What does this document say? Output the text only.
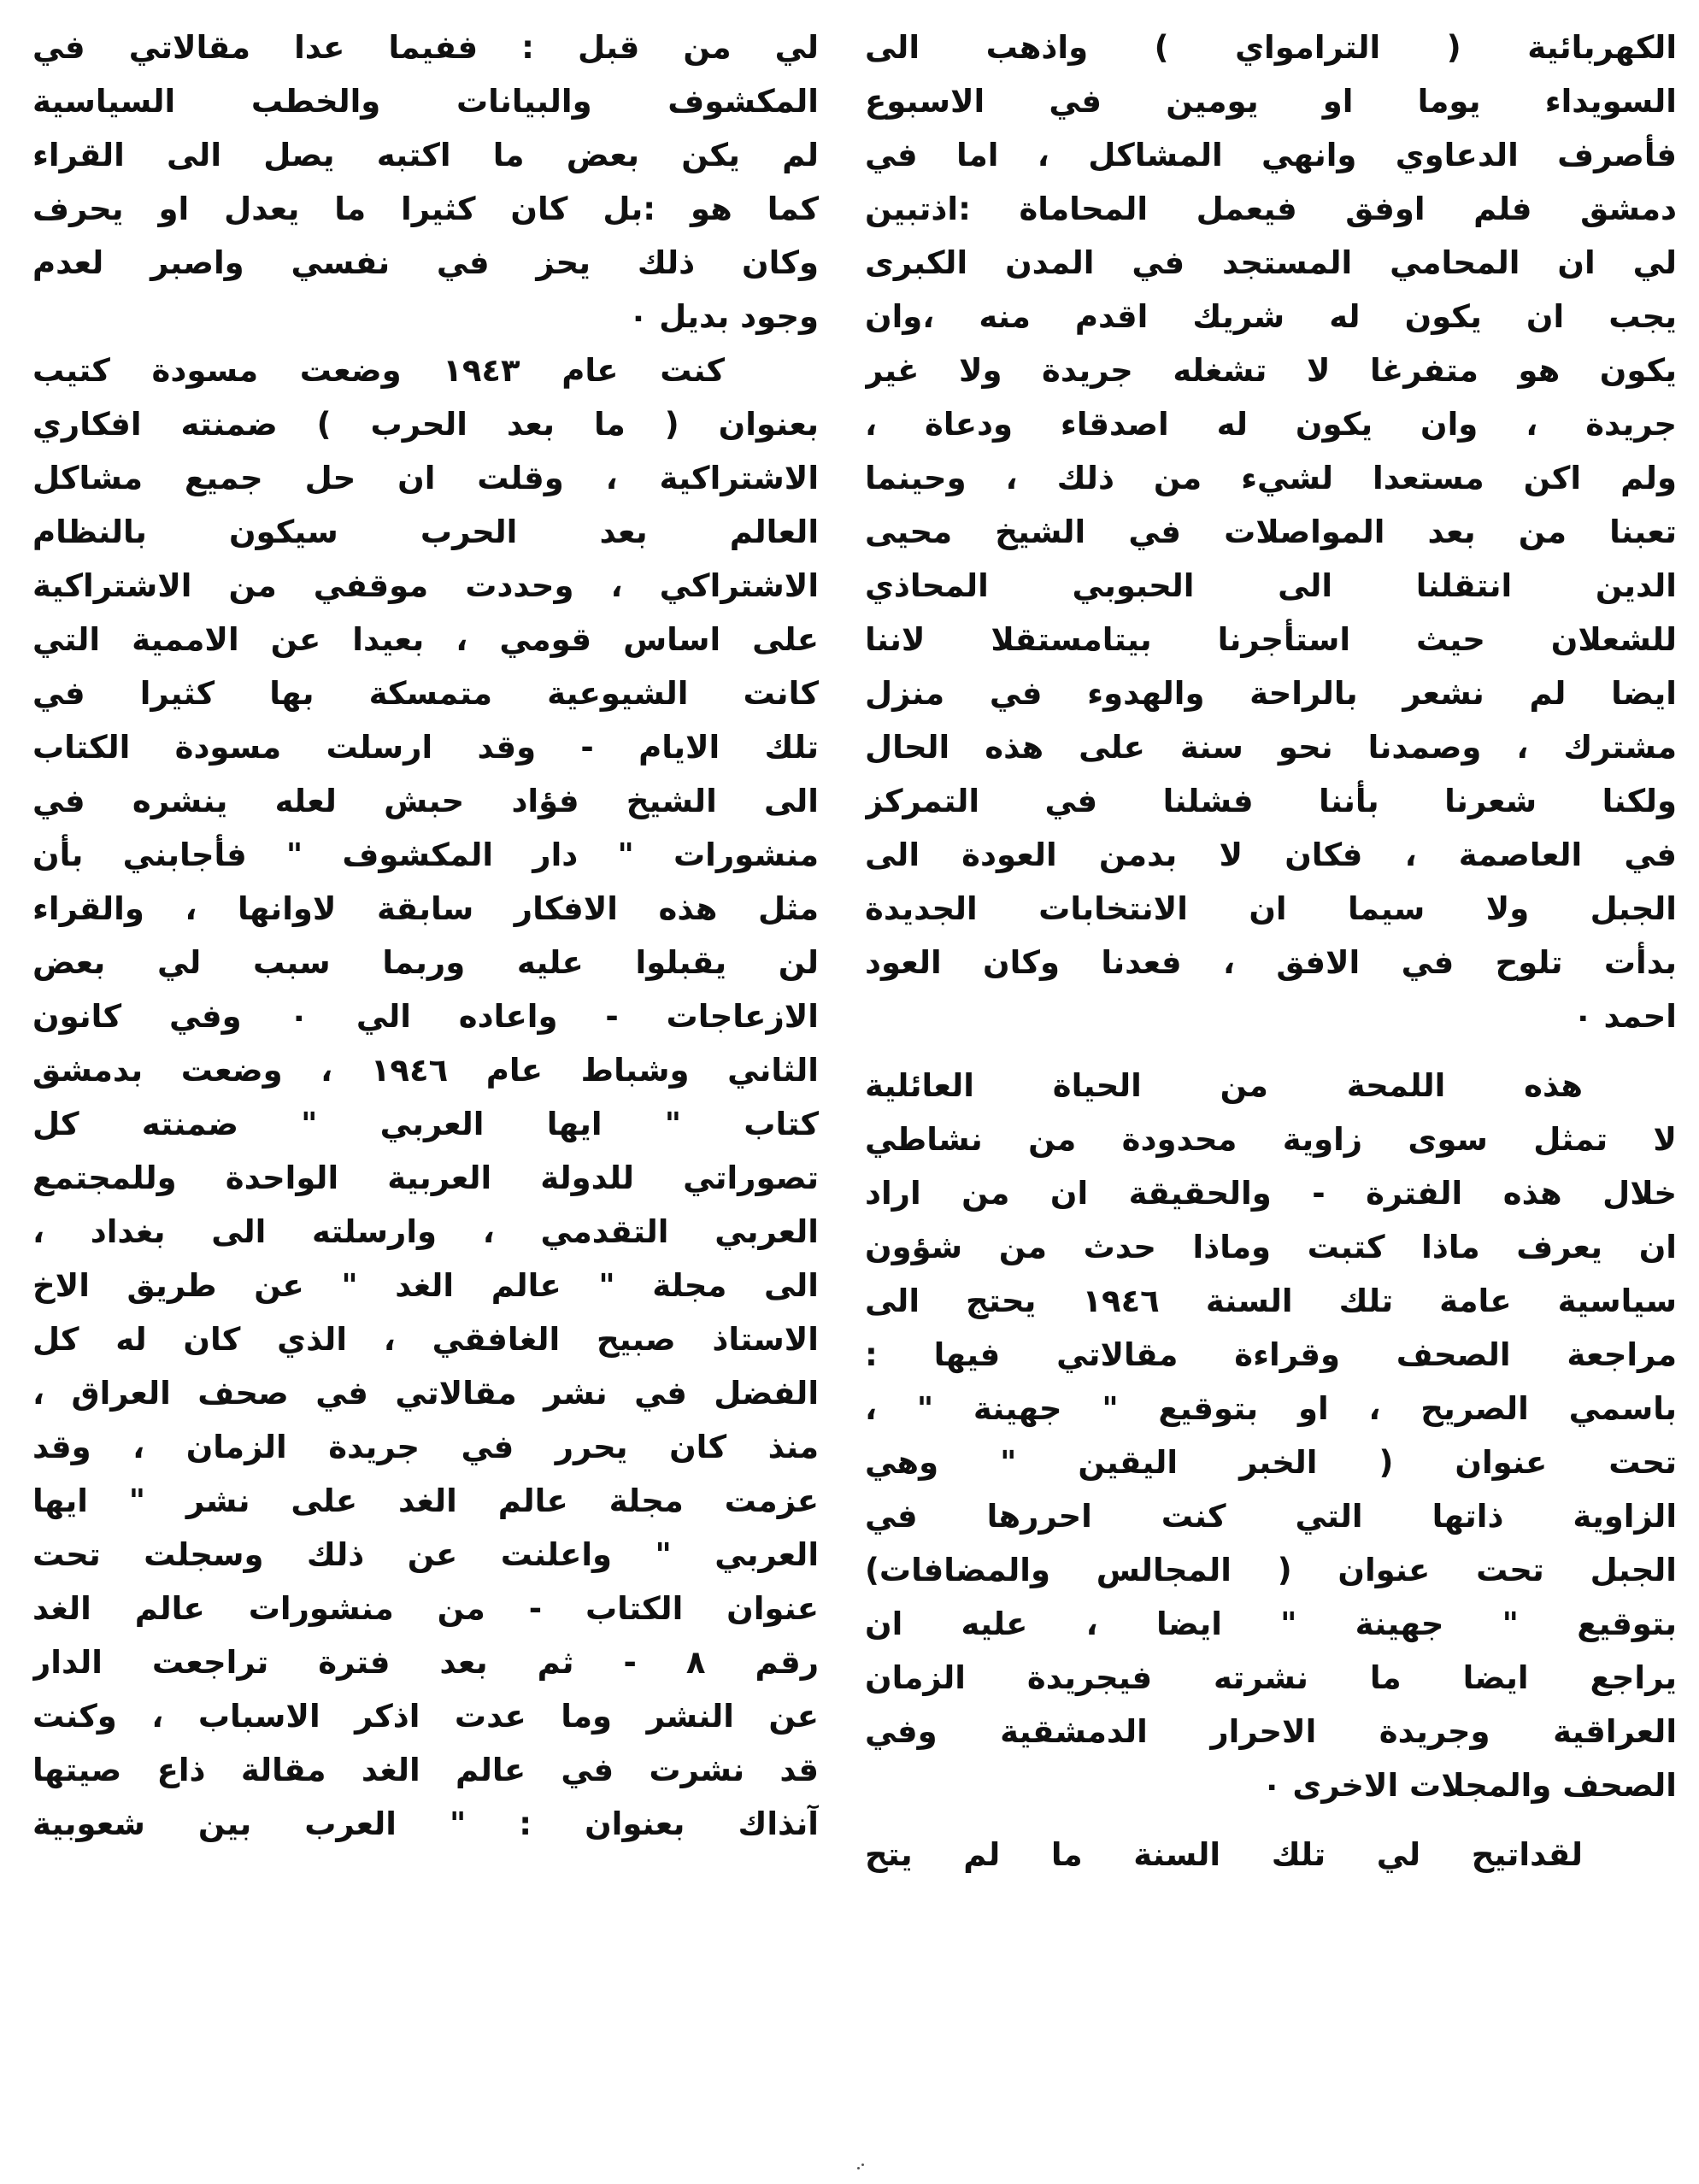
الكهربائية ( الترامواي ) واذهب الى
السويداء يوما او يومين في الاسبوع
فأصرف الدعاوي وانهي المشاكل ، اما في
دمشق فلم اوفق فيعمل المحاماة :اذتبين
لي ان المحامي المستجد في المدن الكبرى
يجب ان يكون له شريك اقدم منه ،وان
يكون هو متفرغا لا تشغله جريدة ولا غير
جريدة ، وان يكون له اصدقاء ودعاة ،
ولم اكن مستعدا لشيء من ذلك ، وحينما
تعبنا من بعد المواصلات في الشيخ محيى
الدين انتقلنا الى الحبوبي المحاذي
للشعلان حيث استأجرنا بيتامستقلا لاننا
ايضا لم نشعر بالراحة والهدوء في منزل
مشترك ، وصمدنا نحو سنة على هذه الحال
ولكنا شعرنا بأننا فشلنا في التمركز
في العاصمة ، فكان لا بدمن العودة الى
الجبل ولا سيما ان الانتخابات الجديدة
بدأت تلوح في الافق ، فعدنا وكان العود
احمد ٠
هذه اللمحة من الحياة العائلية
لا تمثل سوى زاوية محدودة من نشاطي
خلال هذه الفترة - والحقيقة ان من اراد
ان يعرف ماذا كتبت وماذا حدث من شؤون
سياسية عامة تلك السنة ١٩٤٦ يحتج الى
مراجعة الصحف وقراءة مقالاتي فيها :
باسمي الصريح ، او بتوقيع " جهينة " ،
تحت عنوان ( الخبر اليقين " وهي
الزاوية ذاتها التي كنت احررها في
الجبل تحت عنوان ( المجالس والمضافات)
بتوقيع " جهينة " ايضا ، عليه ان
يراجع ايضا ما نشرته فيجريدة الزمان
العراقية وجريدة الاحرار الدمشقية وفي
الصحف والمجلات الاخرى ٠
لقداتيح لي تلك السنة ما لم يتح
لي من قبل : ففيما عدا مقالاتي في
المكشوف والبيانات والخطب السياسية
لم يكن بعض ما اكتبه يصل الى القراء
كما هو :بل كان كثيرا ما يعدل او يحرف
وكان ذلك يحز في نفسي واصبر لعدم
وجود بديل ٠
كنت عام ١٩٤٣ وضعت مسودة كتيب
بعنوان ( ما بعد الحرب ) ضمنته افكاري
الاشتراكية ، وقلت ان حل جميع مشاكل
العالم بعد الحرب سيكون بالنظام
الاشتراكي ، وحددت موقفي من الاشتراكية
على اساس قومي ، بعيدا عن الاممية التي
كانت الشيوعية متمسكة بها كثيرا في
تلك الايام - وقد ارسلت مسودة الكتاب
الى الشيخ فؤاد حبش لعله ينشره في
منشورات " دار المكشوف " فأجابني بأن
مثل هذه الافكار سابقة لاوانها ، والقراء
لن يقبلوا عليه وربما سبب لي بعض
الازعاجات - واعاده الي ٠ وفي كانون
الثاني وشباط عام ١٩٤٦ ، وضعت بدمشق
كتاب " ايها العربي " ضمنته كل
تصوراتي للدولة العربية الواحدة وللمجتمع
العربي التقدمي ، وارسلته الى بغداد ،
الى مجلة " عالم الغد " عن طريق الاخ
الاستاذ صبيح الغافقي ، الذي كان له كل
الفضل في نشر مقالاتي في صحف العراق ،
منذ كان يحرر في جريدة الزمان ، وقد
عزمت مجلة عالم الغد على نشر " ايها
العربي " واعلنت عن ذلك وسجلت تحت
عنوان الكتاب - من منشورات عالم الغد
رقم ٨ - ثم بعد فترة تراجعت الدار
عن النشر وما عدت اذكر الاسباب ، وكنت
قد نشرت في عالم الغد مقالة ذاع صيتها
آنذاك بعنوان : " العرب بين شعوبية
